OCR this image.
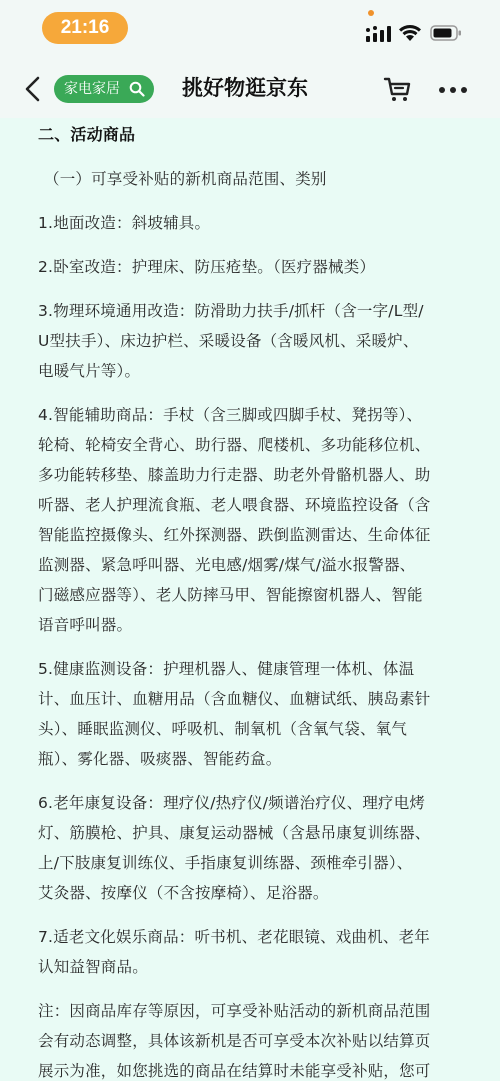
21:16
家电家居	挑好物逛京东
二、活动商品
（一）可享受补贴的新机商品范围、类别
1.地面改造：斜坡辅具。
2.卧室改造：护理床、防压疮垫。（医疗器械类）
3.物理环境通用改造：防滑助力扶手/抓杆（含一字/L型/
U型扶手）、床边护栏、采暖设备（含暖风机、采暖炉、
电暖气片等）。
4.智能辅助商品：手杖（含三脚或四脚手杖、凳拐等）、
轮椅、轮椅安全背心、助行器、爬楼机、多功能移位机、
多功能转移垫、膝盖助力行走器、助老外骨骼机器人、助
听器、老人护理流食瓶、老人喂食器、环境监控设备（含
智能监控摄像头、红外探测器、跌倒监测雷达、生命体征
监测器、紧急呼叫器、光电感/烟雾/煤气/溢水报警器、
门磁感应器等）、老人防摔马甲、智能擦窗机器人、智能
语音呼叫器。
5.健康监测设备：护理机器人、健康管理一体机、体温
计、血压计、血糖用品（含血糖仪、血糖试纸、胰岛素针
头）、睡眠监测仪、呼吸机、制氧机（含氧气袋、氧气
瓶）、雾化器、吸痰器、智能药盒。
6.老年康复设备：理疗仪/热疗仪/频谱治疗仪、理疗电烤
灯、筋膜枪、护具、康复运动器械（含悬吊康复训练器、
上/下肢康复训练仪、手指康复训练器、颈椎牵引器）、
艾灸器、按摩仪（不含按摩椅）、足浴器。
7.适老文化娱乐商品：听书机、老花眼镜、戏曲机、老年
认知益智商品。
注：因商品库存等原因，可享受补贴活动的新机商品范围
会有动态调整，具体该新机是否可享受本次补贴以结算页
展示为准，如您挑选的商品在结算时未能享受补贴，您可
